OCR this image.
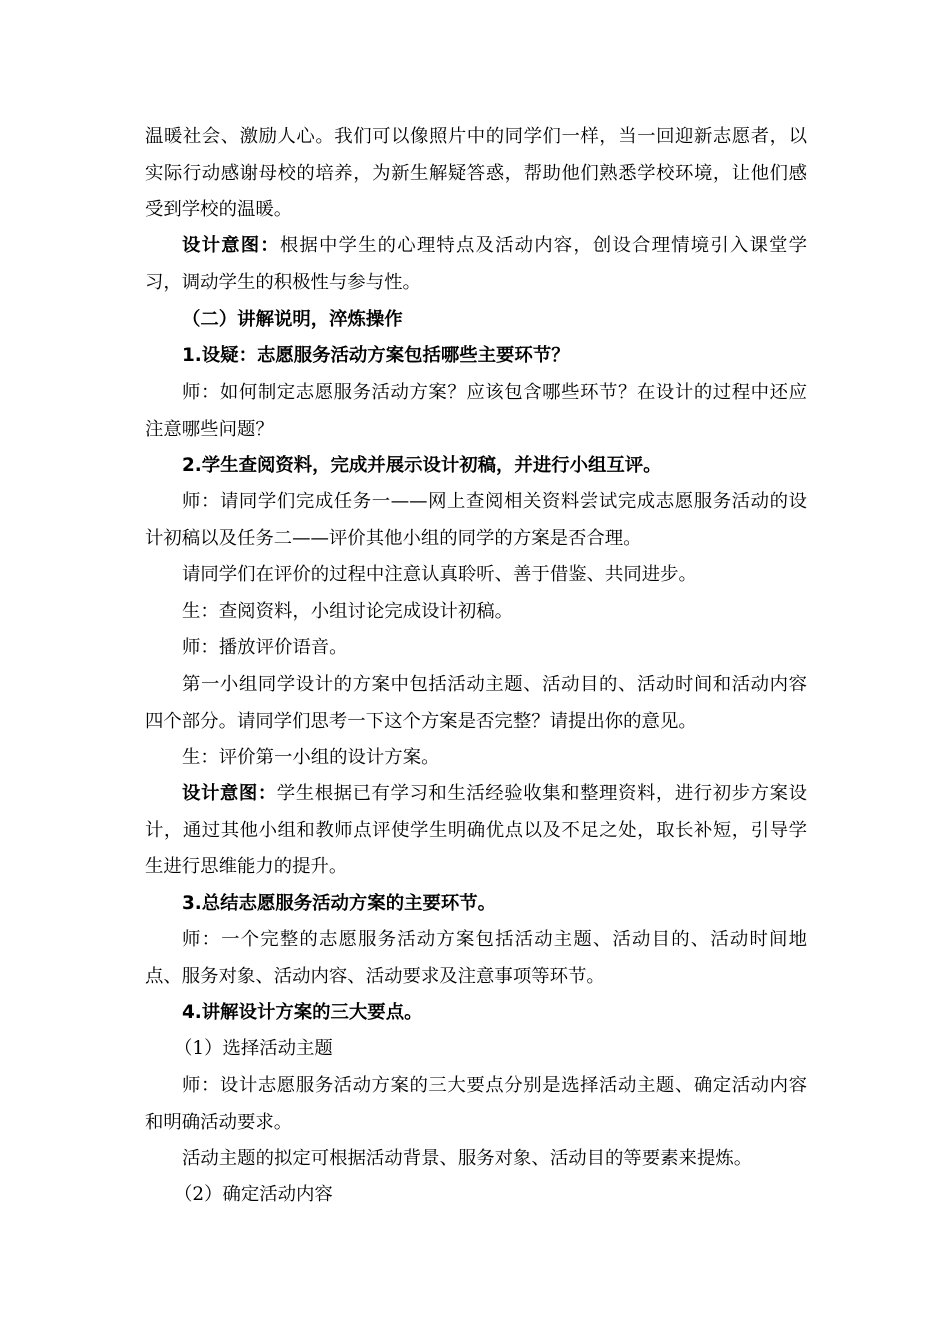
温暖社会、激励人心。我们可以像照片中的同学们一样，当一回迎新志愿者，以实际行动感谢母校的培养，为新生解疑答惑，帮助他们熟悉学校环境，让他们感受到学校的温暖。

设计意图：根据中学生的心理特点及活动内容，创设合理情境引入课堂学习，调动学生的积极性与参与性。

（二）讲解说明，淬炼操作

1.设疑：志愿服务活动方案包括哪些主要环节？

师：如何制定志愿服务活动方案？应该包含哪些环节？在设计的过程中还应注意哪些问题？

2.学生查阅资料，完成并展示设计初稿，并进行小组互评。

师：请同学们完成任务一——网上查阅相关资料尝试完成志愿服务活动的设计初稿以及任务二——评价其他小组的同学的方案是否合理。

请同学们在评价的过程中注意认真聆听、善于借鉴、共同进步。

生：查阅资料，小组讨论完成设计初稿。

师：播放评价语音。

第一小组同学设计的方案中包括活动主题、活动目的、活动时间和活动内容四个部分。请同学们思考一下这个方案是否完整？请提出你的意见。

生：评价第一小组的设计方案。

设计意图：学生根据已有学习和生活经验收集和整理资料，进行初步方案设计，通过其他小组和教师点评使学生明确优点以及不足之处，取长补短，引导学生进行思维能力的提升。

3.总结志愿服务活动方案的主要环节。

师：一个完整的志愿服务活动方案包括活动主题、活动目的、活动时间地点、服务对象、活动内容、活动要求及注意事项等环节。

4.讲解设计方案的三大要点。

（1）选择活动主题

师：设计志愿服务活动方案的三大要点分别是选择活动主题、确定活动内容和明确活动要求。

活动主题的拟定可根据活动背景、服务对象、活动目的等要素来提炼。

（2）确定活动内容
